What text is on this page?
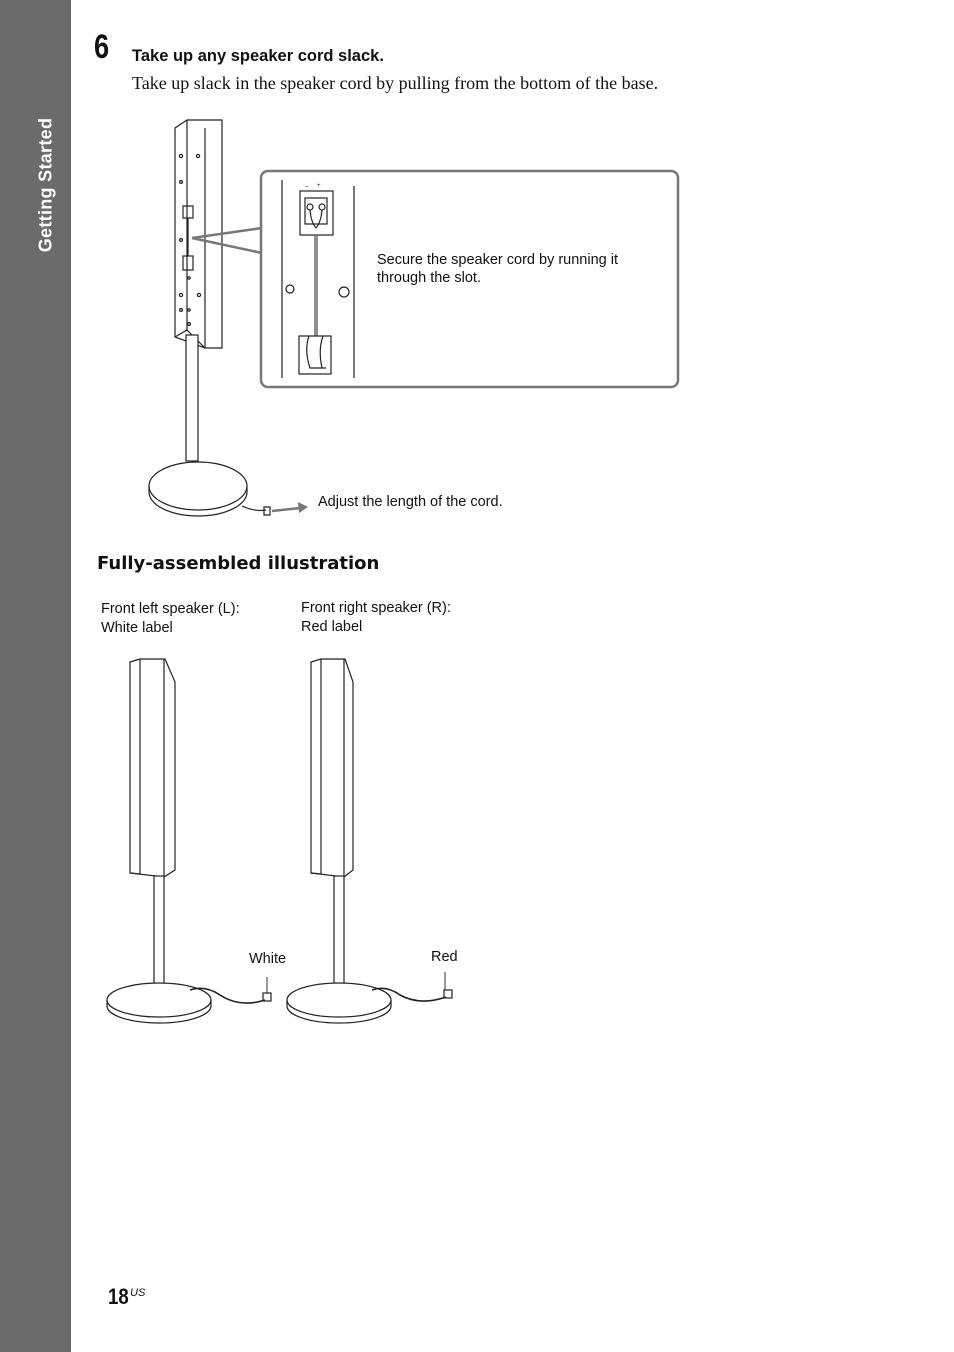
Getting Started
6 Take up any speaker cord slack.
Take up slack in the speaker cord by pulling from the bottom of the base.
– +
Secure the speaker cord by running it
through the slot.
Adjust the length of the cord.
Fully-assembled illustration
Front left speaker (L):
White label
Front right speaker (R):
Red label
White	Red
18 US
